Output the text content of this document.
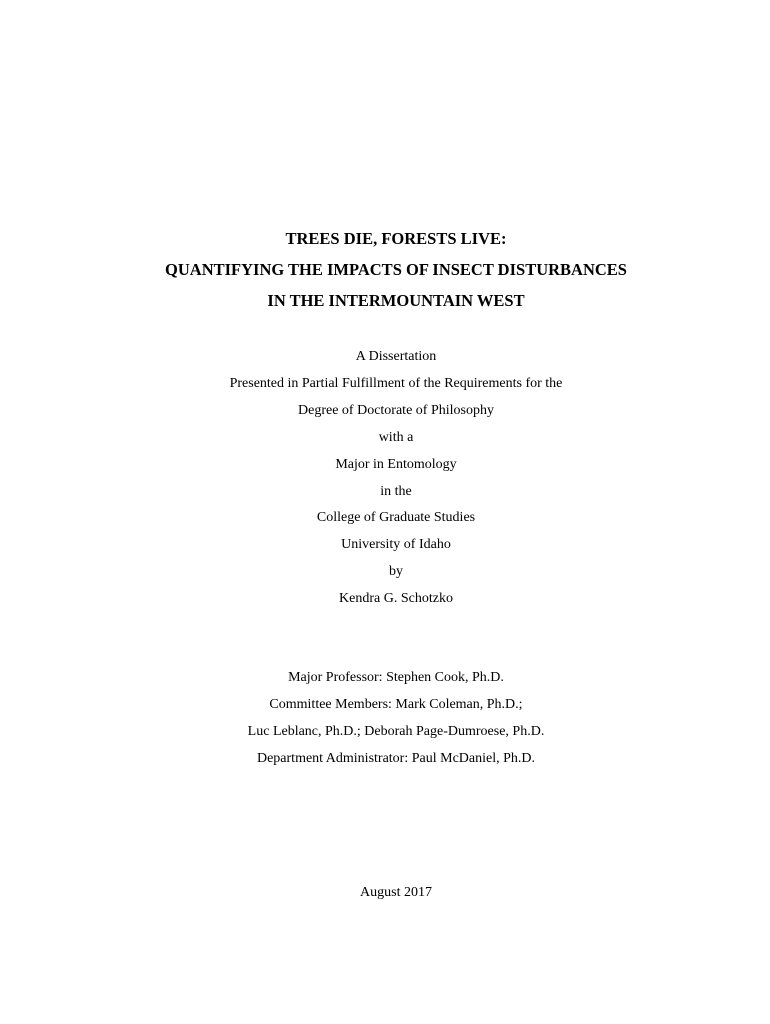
TREES DIE, FORESTS LIVE:
QUANTIFYING THE IMPACTS OF INSECT DISTURBANCES
IN THE INTERMOUNTAIN WEST
A Dissertation
Presented in Partial Fulfillment of the Requirements for the
Degree of Doctorate of Philosophy
with a
Major in Entomology
in the
College of Graduate Studies
University of Idaho
by
Kendra G. Schotzko
Major Professor: Stephen Cook, Ph.D.
Committee Members: Mark Coleman, Ph.D.;
Luc Leblanc, Ph.D.; Deborah Page-Dumroese, Ph.D.
Department Administrator: Paul McDaniel, Ph.D.
August 2017
